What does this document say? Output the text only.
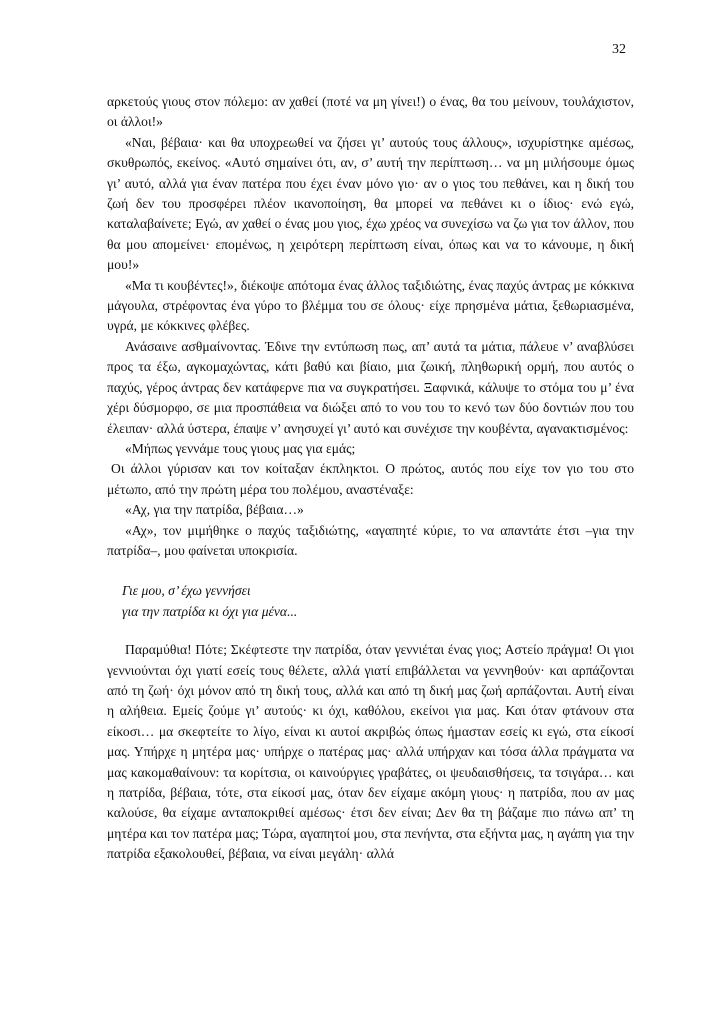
32

αρκετούς γιους στον πόλεμο: αν χαθεί (ποτέ να μη γίνει!) ο ένας, θα του μείνουν, τουλάχιστον, οι άλλοι!»

«Ναι, βέβαια· και θα υποχρεωθεί να ζήσει γι’ αυτούς τους άλλους», ισχυρίστηκε αμέσως, σκυθρωπός, εκείνος. «Αυτό σημαίνει ότι, αν, σ’ αυτή την περίπτωση… να μη μιλήσουμε όμως γι’ αυτό, αλλά για έναν πατέρα που έχει έναν μόνο γιο· αν ο γιος του πεθάνει, και η δική του ζωή δεν του προσφέρει πλέον ικανοποίηση, θα μπορεί να πεθάνει κι ο ίδιος· ενώ εγώ, καταλαβαίνετε; Εγώ, αν χαθεί ο ένας μου γιος, έχω χρέος να συνεχίσω να ζω για τον άλλον, που θα μου απομείνει· επομένως, η χειρότερη περίπτωση είναι, όπως και να το κάνουμε, η δική μου!»

«Μα τι κουβέντες!», διέκοψε απότομα ένας άλλος ταξιδιώτης, ένας παχύς άντρας με κόκκινα μάγουλα, στρέφοντας ένα γύρο το βλέμμα του σε όλους· είχε πρησμένα μάτια, ξεθωριασμένα, υγρά, με κόκκινες φλέβες.

Ανάσαινε ασθμαίνοντας. Έδινε την εντύπωση πως, απ’ αυτά τα μάτια, πάλευε ν’ αναβλύσει προς τα έξω, αγκομαχώντας, κάτι βαθύ και βίαιο, μια ζωική, πληθωρική ορμή, που αυτός ο παχύς, γέρος άντρας δεν κατάφερνε πια να συγκρατήσει. Ξαφνικά, κάλυψε το στόμα του μ’ ένα χέρι δύσμορφο, σε μια προσπάθεια να διώξει από το νου του το κενό των δύο δοντιών που του έλειπαν· αλλά ύστερα, έπαψε ν’ ανησυχεί γι’ αυτό και συνέχισε την κουβέντα, αγανακτισμένος:

«Μήπως γεννάμε τους γιους μας για εμάς;

Οι άλλοι γύρισαν και τον κοίταξαν έκπληκτοι. Ο πρώτος, αυτός που είχε τον γιο του στο μέτωπο, από την πρώτη μέρα του πολέμου, αναστέναξε:

«Αχ, για την πατρίδα, βέβαια…»

«Αχ», τον μιμήθηκε ο παχύς ταξιδιώτης, «αγαπητέ κύριε, το να απαντάτε έτσι –για την πατρίδα–, μου φαίνεται υποκρισία.

Γιε μου, σ’ έχω γεννήσει
για την πατρίδα κι όχι για μένα...

Παραμύθια! Πότε; Σκέφτεστε την πατρίδα, όταν γεννιέται ένας γιος; Αστείο πράγμα! Οι γιοι γεννιούνται όχι γιατί εσείς τους θέλετε, αλλά γιατί επιβάλλεται να γεννηθούν· και αρπάζονται από τη ζωή· όχι μόνον από τη δική τους, αλλά και από τη δική μας ζωή αρπάζονται. Αυτή είναι η αλήθεια. Εμείς ζούμε γι’ αυτούς· κι όχι, καθόλου, εκείνοι για μας. Και όταν φτάνουν στα είκοσι… μα σκεφτείτε το λίγο, είναι κι αυτοί ακριβώς όπως ήμασταν εσείς κι εγώ, στα είκοσί μας. Υπήρχε η μητέρα μας· υπήρχε ο πατέρας μας· αλλά υπήρχαν και τόσα άλλα πράγματα να μας κακομαθαίνουν: τα κορίτσια, οι καινούργιες γραβάτες, οι ψευδαισθήσεις, τα τσιγάρα… και η πατρίδα, βέβαια, τότε, στα είκοσί μας, όταν δεν είχαμε ακόμη γιους· η πατρίδα, που αν μας καλούσε, θα είχαμε ανταποκριθεί αμέσως· έτσι δεν είναι; Δεν θα τη βάζαμε πιο πάνω απ’ τη μητέρα και τον πατέρα μας; Τώρα, αγαπητοί μου, στα πενήντα, στα εξήντα μας, η αγάπη για την πατρίδα εξακολουθεί, βέβαια, να είναι μεγάλη· αλλά
